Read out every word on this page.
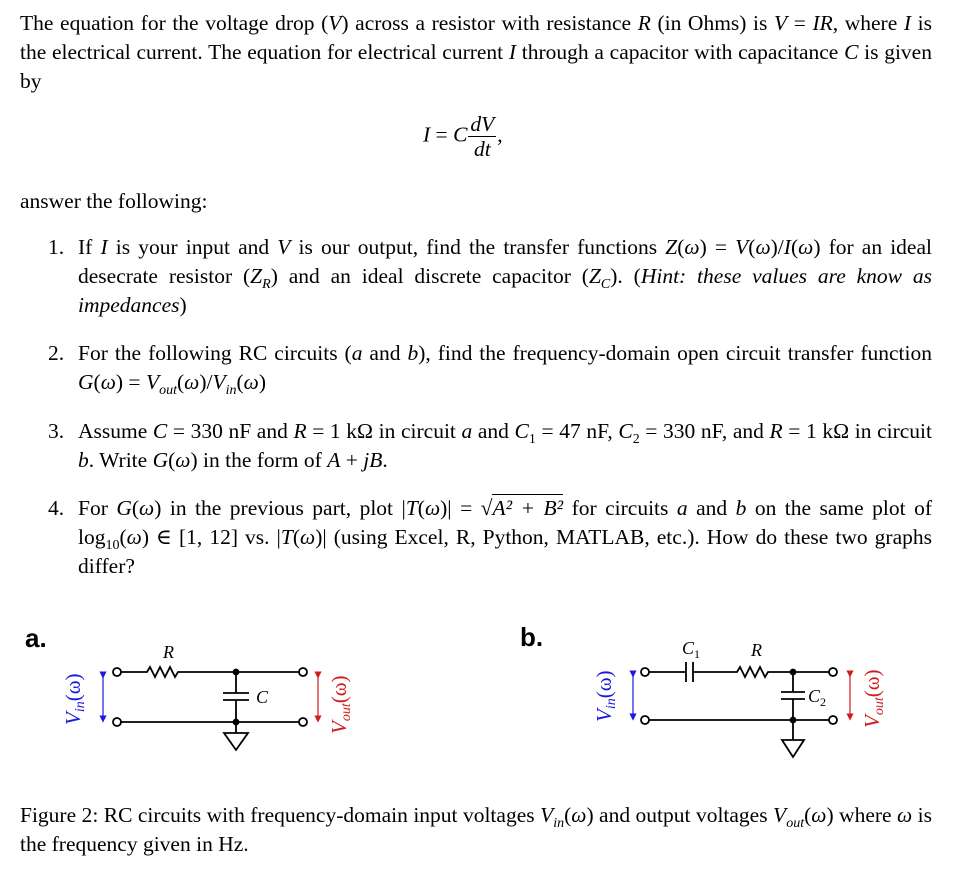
The equation for the voltage drop (V) across a resistor with resistance R (in Ohms) is V = IR, where I is the electrical current. The equation for electrical current I through a capacitor with capacitance C is given by
I = C $\frac{dV}{dt}$ ,
answer the following:
1. If I is your input and V is our output, find the transfer functions Z(ω) = V(ω)/I(ω) for an ideal desecrate resistor $(Z_R)$ and an ideal discrete capacitor $(Z_C)$. (Hint: these values are know as impedances)
2. For the following RC circuits (a and b), find the frequency-domain open circuit transfer function $G(\omega) = V_{out}(\omega)/V_{in}(\omega)$
3. Assume C = 330 nF and R = 1 kΩ in circuit a and $C_1 = 47$ nF, $C_2 = 330$ nF, and R = 1 kΩ in circuit b. Write G(ω) in the form of A + jB.
4. For G(ω) in the previous part, plot |T(ω)| = √A² + B² for circuits a and b on the same plot of $\log_{10}(\omega)$ ∈ [1, 12] vs. |T(ω)| (using Excel, R, Python, MATLAB, etc.). How do these two graphs differ?
a.	R
C
Vin(ω)
Vout(ω)
b.	$C_1$	R
$C_2$
Vin(ω)
Vout(ω)
Figure 2: RC circuits with frequency-domain input voltages $V_{in}(\omega)$ and output voltages $V_{out}(\omega)$ where ω is the frequency given in Hz.
